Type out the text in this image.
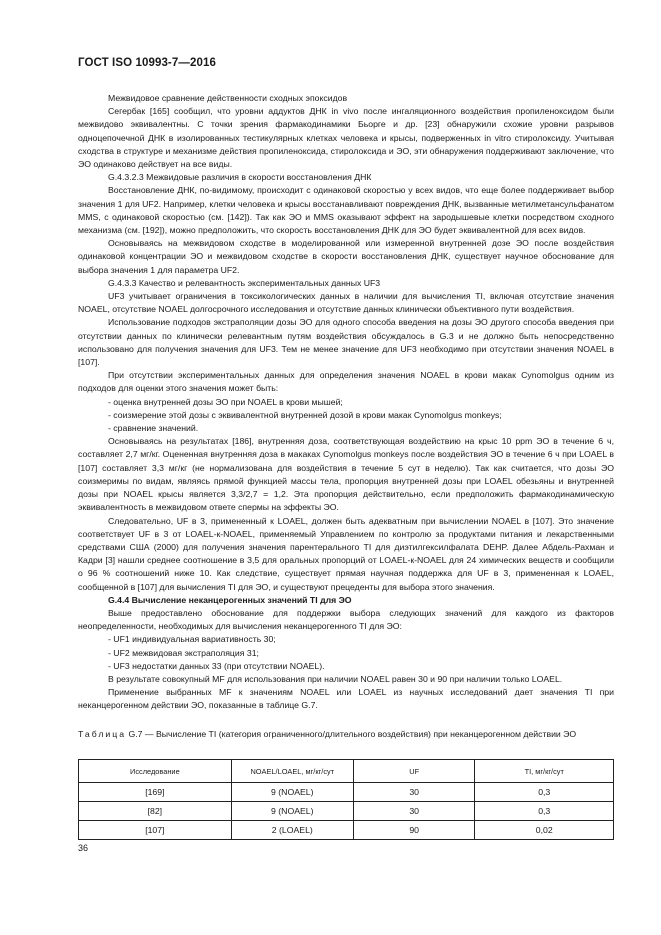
ГОСТ ISO 10993-7—2016

Межвидовое сравнение действенности сходных эпоксидов

Сегербак [165] сообщил, что уровни аддуктов ДНК in vivo после ингаляционного воздействия пропиленоксидом были межвидово эквивалентны. С точки зрения фармакодинамики Бьорге и др. [23] обнаружили схожие уровни разрывов одноцепочечной ДНК в изолированных тестикулярных клетках человека и крысы, подверженных in vitro стиролоксиду. Учитывая сходства в структуре и механизме действия пропиленоксида, стиролоксида и ЭО, эти обнаружения поддерживают заключение, что ЭО одинаково действует на все виды.

G.4.3.2.3 Межвидовые различия в скорости восстановления ДНК

Восстановление ДНК, по-видимому, происходит с одинаковой скоростью у всех видов, что еще более поддерживает выбор значения 1 для UF2. Например, клетки человека и крысы восстанавливают повреждения ДНК, вызванные метилметансульфанатом MMS, с одинаковой скоростью (см. [142]). Так как ЭО и MMS оказывают эффект на зародышевые клетки посредством сходного механизма (см. [192]), можно предположить, что скорость восстановления ДНК для ЭО будет эквивалентной для всех видов.

Основываясь на межвидовом сходстве в моделированной или измеренной внутренней дозе ЭО после воздействия одинаковой концентрации ЭО и межвидовом сходстве в скорости восстановления ДНК, существует научное обоснование для выбора значения 1 для параметра UF2.

G.4.3.3 Качество и релевантность экспериментальных данных UF3

UF3 учитывает ограничения в токсикологических данных в наличии для вычисления TI, включая отсутствие значения NOAEL, отсутствие NOAEL долгосрочного исследования и отсутствие данных клинически объективного пути воздействия.

Использование подходов экстраполяции дозы ЭО для одного способа введения на дозы ЭО другого способа введения при отсутствии данных по клинически релевантным путям воздействия обсуждалось в G.3 и не должно быть непосредственно использовано для получения значения для UF3. Тем не менее значение для UF3 необходимо при отсутствии значения NOAEL в [107].

При отсутствии экспериментальных данных для определения значения NOAEL в крови макак Cynomolgus одним из подходов для оценки этого значения может быть:

- оценка внутренней дозы ЭО при NOAEL в крови мышей;

- соизмерение этой дозы с эквивалентной внутренней дозой в крови макак Cynomolgus monkeys;

- сравнение значений.

Основываясь на результатах [186], внутренняя доза, соответствующая воздействию на крыс 10 ppm ЭО в течение 6 ч, составляет 2,7 мг/кг. Оцененная внутренняя доза в макаках Cynomolgus monkeys после воздействия ЭО в течение 6 ч при LOAEL в [107] составляет 3,3 мг/кг (не нормализована для воздействия в течение 5 сут в неделю). Так как считается, что дозы ЭО соизмеримы по видам, являясь прямой функцией массы тела, пропорция внутренней дозы при LOAEL обезьяны и внутренней дозы при NOAEL крысы является 3,3/2,7 = 1,2. Эта пропорция действительно, если предположить фармакодинамическую эквивалентность в межвидовом ответе спермы на эффекты ЭО.

Следовательно, UF в 3, примененный к LOAEL, должен быть адекватным при вычислении NOAEL в [107]. Это значение соответствует UF в 3 от LOAEL-к-NOAEL, применяемый Управлением по контролю за продуктами питания и лекарственными средствами США (2000) для получения значения парентерального TI для диэтилгексилфалата DEHP. Далее Абдель-Рахман и Кадри [3] нашли среднее соотношение в 3,5 для оральных пропорций от LOAEL-к-NOAEL для 24 химических веществ и сообщили о 96 % соотношений ниже 10. Как следствие, существует прямая научная поддержка для UF в 3, примененная к LOAEL, сообщенной в [107] для вычисления TI для ЭО, и существуют прецеденты для выбора этого значения.

G.4.4 Вычисление неканцерогенных значений TI для ЭО

Выше предоставлено обоснование для поддержки выбора следующих значений для каждого из факторов неопределенности, необходимых для вычисления неканцерогенного TI для ЭО:

- UF1 индивидуальная вариативность 30;

- UF2 межвидовая экстраполяция 31;

- UF3 недостатки данных 33 (при отсутствии NOAEL).

В результате совокупный MF для использования при наличии NOAEL равен 30 и 90 при наличии только LOAEL.

Применение выбранных MF к значениям NOAEL или LOAEL из научных исследований дает значения TI при неканцерогенном действии ЭО, показанные в таблице G.7.

Таблица G.7 — Вычисление TI (категория ограниченного/длительного воздействия) при неканцерогенном действии ЭО
Исследование	NOAEL/LOAEL, мг/кг/сут	UF	TI, мг/кг/сут
[169]	9 (NOAEL)	30	0,3
[82]	9 (NOAEL)	30	0,3
[107]	2 (LOAEL)	90	0,02
36
